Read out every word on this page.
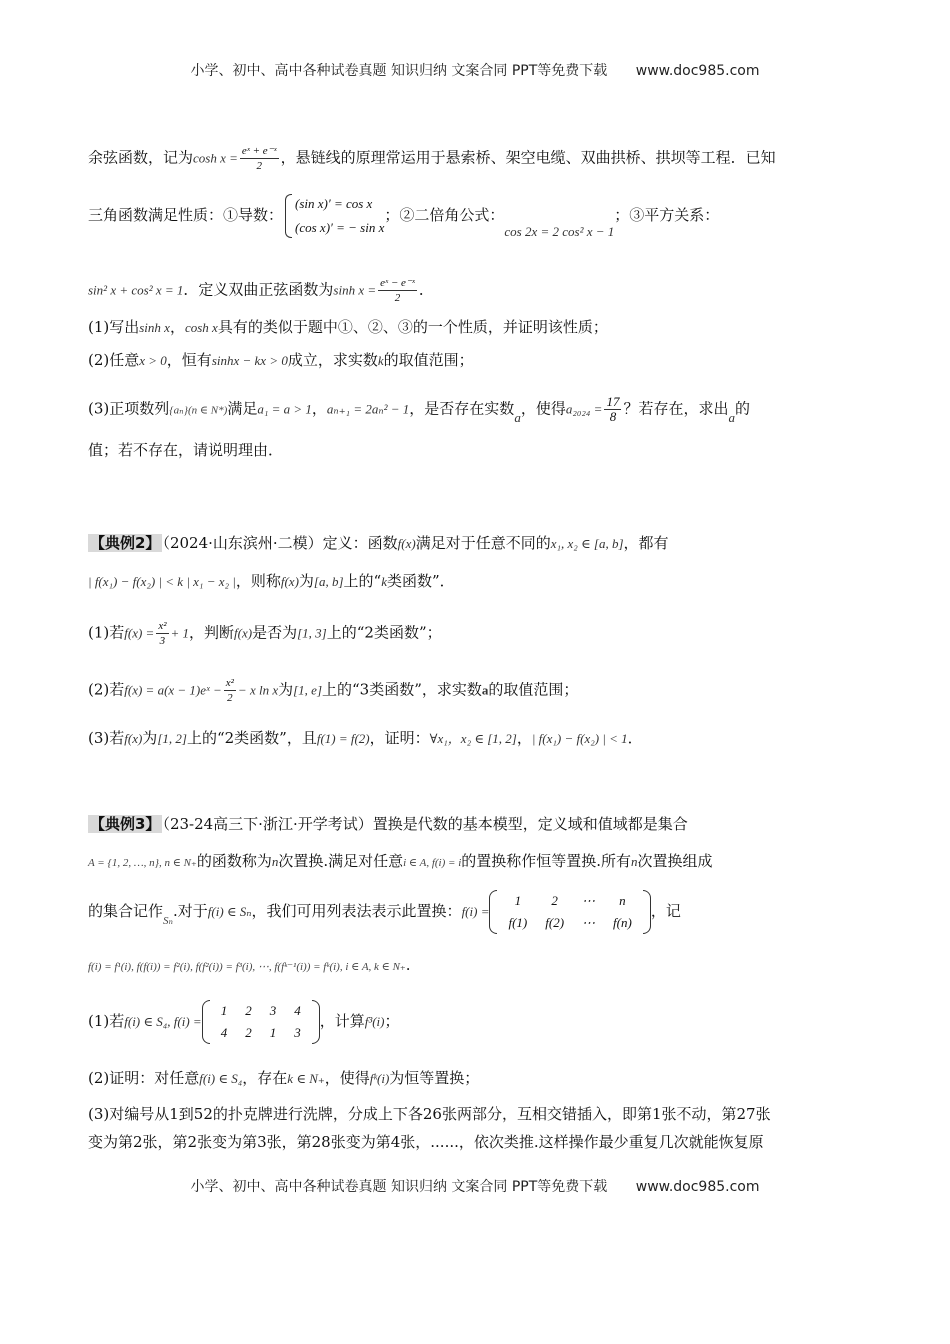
小学、初中、高中各种试卷真题 知识归纳 文案合同 PPT等免费下载 www.doc985.com
余弦函数，记为$\cosh x = \frac{\text{eˣ + e⁻ˣ}}{2}$ ，悬链线的原理常运用于悬索桥、架空电缆、双曲拱桥、拱坝等工程．已知
三角函数满足性质：①导数：
(sin x)′ = cos x
(cos x)′ = − sin x
；②二倍角公式：cos 2x = 2 cos² x − 1；③平方关系：
sin² x + cos² x = 1．定义双曲正弦函数为$\sinh x = \frac{\text{eˣ − e⁻ˣ}}{2}$ ．
(1)写出sinh x，cosh x具有的类似于题中①、②、③的一个性质，并证明该性质；
(2)任意x > 0，恒有sinhx − kx > 0成立，求实数k的取值范围；
(3)正项数列{aₙ}(n ∈ N*)满足a₁ = a > 1，aₙ₊₁ = 2aₙ² − 1，是否存在实数a，使得$a_{2024} = \frac{17}{8}$ ？若存在，求出a的
值；若不存在，请说明理由．
【典例2】 （2024·山东滨州·二模）定义：函数f(x)满足对于任意不同的x₁, x₂ ∈ [a, b]，都有
| f(x₁) − f(x₂) | < k | x₁ − x₂ |，则称f(x)为[a, b]上的“k类函数”．
(1)若$f(x) = \frac{\text{x²}}{3} + 1$，判断f(x)是否为[1, 3]上的“2类函数”；
(2)若f(x) = a(x − 1)eˣ − $\frac{\text{x²}}{2} - x$ ln x为[1, e]上的“3类函数”，求实数a的取值范围；
(3)若f(x)为[1, 2]上的“2类函数”，且f(1) = f(2)，证明：∀x₁，x₂ ∈ [1, 2]，| f(x₁) − f(x₂) | < 1．
【典例3】 （23-24高三下·浙江·开学考试）置换是代数的基本模型，定义域和值域都是集合
A = {1, 2, …, n}, n ∈ N₊的函数称为n次置换.满足对任意i ∈ A, f(i) = i的置换称作恒等置换.所有n次置换组成
的集合记作$_{S_n}$.对于f(i) ∈ Sₙ，我们可用列表法表示此置换：f(i) =
1	2	⋯	n
f(1)	f(2)	⋯	f(n)
，记
f(i) = f¹(i), f(f(i)) = f²(i), f(f²(i)) = f³(i), ⋯, f(fᵏ⁻¹(i)) = fᵏ(i), i ∈ A, k ∈ N₊.
(1)若f(i) ∈ S₄, f(i) =
1	2	3	4
4	2	1	3
，计算f³(i)；
(2)证明：对任意f(i) ∈ S₄，存在k ∈ N₊，使得fᵏ(i)为恒等置换；
(3)对编号从1到52的扑克牌进行洗牌，分成上下各26张两部分，互相交错插入，即第1张不动，第27张
变为第2张，第2张变为第3张，第28张变为第4张，......，依次类推.这样操作最少重复几次就能恢复原
小学、初中、高中各种试卷真题 知识归纳 文案合同 PPT等免费下载 www.doc985.com
